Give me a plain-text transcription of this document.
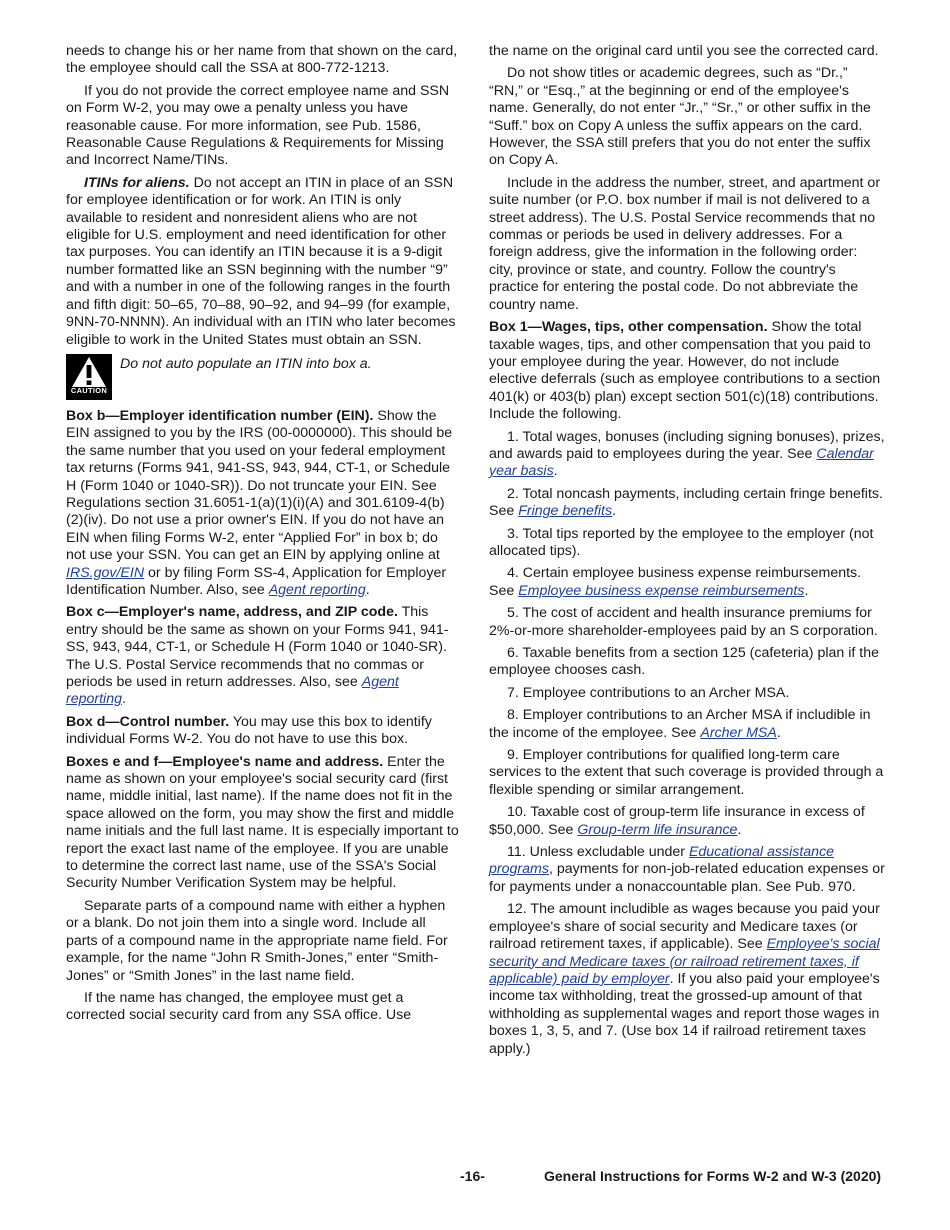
needs to change his or her name from that shown on the card, the employee should call the SSA at 800-772-1213.

If you do not provide the correct employee name and SSN on Form W-2, you may owe a penalty unless you have reasonable cause. For more information, see Pub. 1586, Reasonable Cause Regulations & Requirements for Missing and Incorrect Name/TINs.

ITINs for aliens. Do not accept an ITIN in place of an SSN for employee identification or for work. An ITIN is only available to resident and nonresident aliens who are not eligible for U.S. employment and need identification for other tax purposes. You can identify an ITIN because it is a 9-digit number formatted like an SSN beginning with the number “9” and with a number in one of the following ranges in the fourth and fifth digit: 50–65, 70–88, 90–92, and 94–99 (for example, 9NN-70-NNNN). An individual with an ITIN who later becomes eligible to work in the United States must obtain an SSN.

CAUTION
Do not auto populate an ITIN into box a.

Box b—Employer identification number (EIN). Show the EIN assigned to you by the IRS (00-0000000). This should be the same number that you used on your federal employment tax returns (Forms 941, 941-SS, 943, 944, CT-1, or Schedule H (Form 1040 or 1040-SR)). Do not truncate your EIN. See Regulations section 31.6051-1(a)(1)(i)(A) and 301.6109-4(b)(2)(iv). Do not use a prior owner's EIN. If you do not have an EIN when filing Forms W-2, enter “Applied For” in box b; do not use your SSN. You can get an EIN by applying online at IRS.gov/EIN or by filing Form SS-4, Application for Employer Identification Number. Also, see Agent reporting.

Box c—Employer's name, address, and ZIP code. This entry should be the same as shown on your Forms 941, 941-SS, 943, 944, CT-1, or Schedule H (Form 1040 or 1040-SR). The U.S. Postal Service recommends that no commas or periods be used in return addresses. Also, see Agent reporting.

Box d—Control number. You may use this box to identify individual Forms W-2. You do not have to use this box.

Boxes e and f—Employee's name and address. Enter the name as shown on your employee's social security card (first name, middle initial, last name). If the name does not fit in the space allowed on the form, you may show the first and middle name initials and the full last name. It is especially important to report the exact last name of the employee. If you are unable to determine the correct last name, use of the SSA's Social Security Number Verification System may be helpful.

Separate parts of a compound name with either a hyphen or a blank. Do not join them into a single word. Include all parts of a compound name in the appropriate name field. For example, for the name “John R Smith-Jones,” enter “Smith-Jones” or “Smith Jones” in the last name field.

If the name has changed, the employee must get a corrected social security card from any SSA office. Use

the name on the original card until you see the corrected card.

Do not show titles or academic degrees, such as “Dr.,” “RN,” or “Esq.,” at the beginning or end of the employee's name. Generally, do not enter “Jr.,” “Sr.,” or other suffix in the “Suff.” box on Copy A unless the suffix appears on the card. However, the SSA still prefers that you do not enter the suffix on Copy A.

Include in the address the number, street, and apartment or suite number (or P.O. box number if mail is not delivered to a street address). The U.S. Postal Service recommends that no commas or periods be used in delivery addresses. For a foreign address, give the information in the following order: city, province or state, and country. Follow the country's practice for entering the postal code. Do not abbreviate the country name.

Box 1—Wages, tips, other compensation. Show the total taxable wages, tips, and other compensation that you paid to your employee during the year. However, do not include elective deferrals (such as employee contributions to a section 401(k) or 403(b) plan) except section 501(c)(18) contributions. Include the following.

1. Total wages, bonuses (including signing bonuses), prizes, and awards paid to employees during the year. See Calendar year basis.

2. Total noncash payments, including certain fringe benefits. See Fringe benefits.

3. Total tips reported by the employee to the employer (not allocated tips).

4. Certain employee business expense reimbursements. See Employee business expense reimbursements.

5. The cost of accident and health insurance premiums for 2%-or-more shareholder-employees paid by an S corporation.

6. Taxable benefits from a section 125 (cafeteria) plan if the employee chooses cash.

7. Employee contributions to an Archer MSA.

8. Employer contributions to an Archer MSA if includible in the income of the employee. See Archer MSA.

9. Employer contributions for qualified long-term care services to the extent that such coverage is provided through a flexible spending or similar arrangement.

10. Taxable cost of group-term life insurance in excess of $50,000. See Group-term life insurance.

11. Unless excludable under Educational assistance programs, payments for non-job-related education expenses or for payments under a nonaccountable plan. See Pub. 970.

12. The amount includible as wages because you paid your employee's share of social security and Medicare taxes (or railroad retirement taxes, if applicable). See Employee's social security and Medicare taxes (or railroad retirement taxes, if applicable) paid by employer. If you also paid your employee's income tax withholding, treat the grossed-up amount of that withholding as supplemental wages and report those wages in boxes 1, 3, 5, and 7. (Use box 14 if railroad retirement taxes apply.)

-16-	General Instructions for Forms W-2 and W-3 (2020)
